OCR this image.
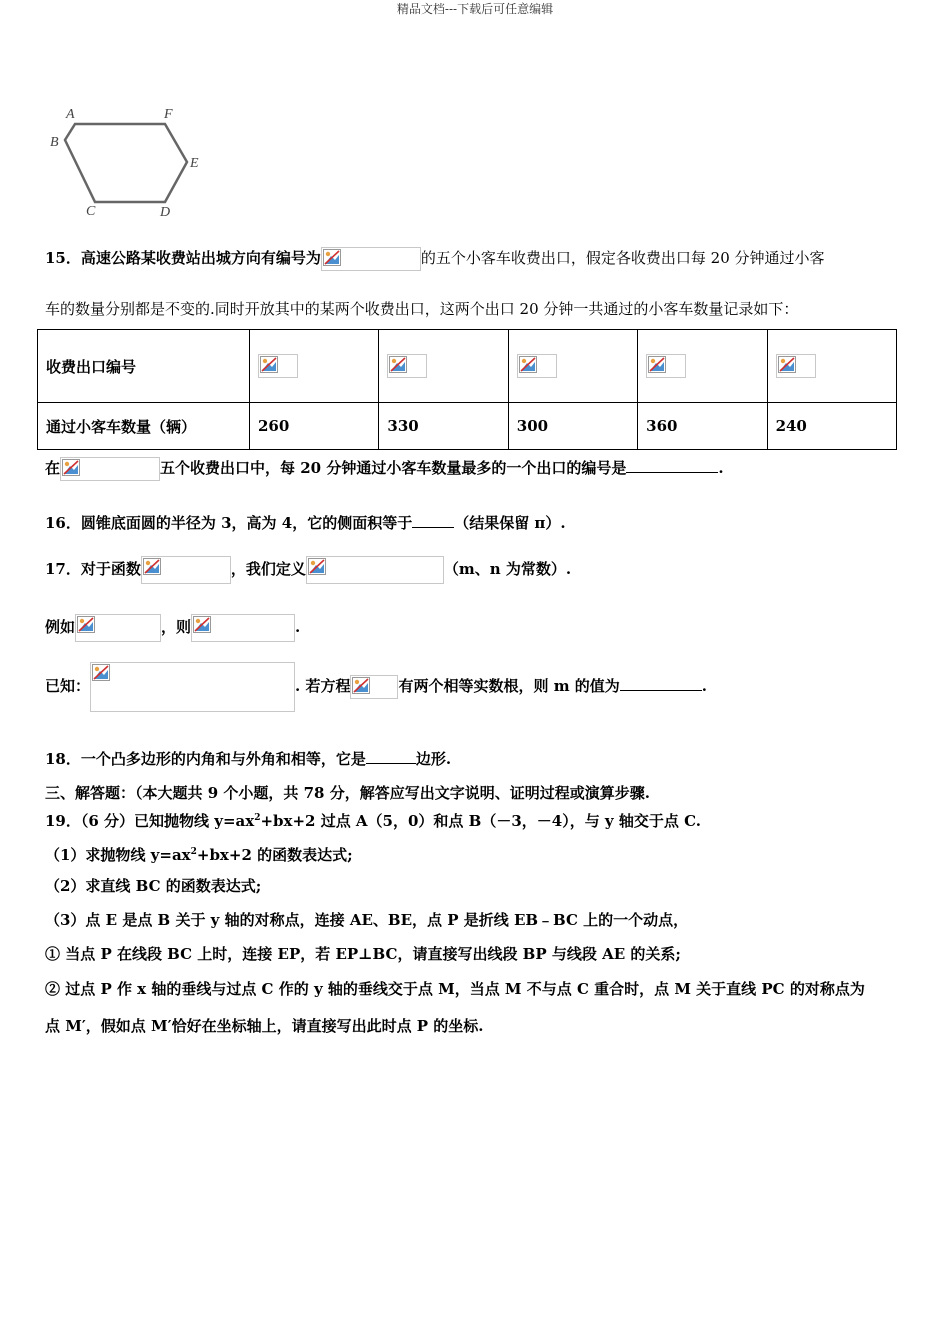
精品文档---下载后可任意编辑
A	F
E
D
C
B
15．高速公路某收费站出城方向有编号为	的五个小客车收费出口，假定各收费出口每 20 分钟通过小客
车的数量分别都是不变的.同时开放其中的某两个收费出口，这两个出口 20 分钟一共通过的小客车数量记录如下：
收费出口编号	

通过小客车数量（辆）	260	330	300	360	240
在	五个收费出口中，每 20 分钟通过小客车数量最多的一个出口的编号是	.
16．圆锥底面圆的半径为 3，高为 4，它的侧面积等于	（结果保留 π）.
17．对于函数	，我们定义	（m、n 为常数）.
例如	，则	.
已知：	. 若方程	有两个相等实数根，则 m 的值为	.
18．一个凸多边形的内角和与外角和相等，它是	边形.
三、解答题：（本大题共 9 个小题，共 78 分，解答应写出文字说明、证明过程或演算步骤.
19．（6 分）已知抛物线 $y=ax^2+bx+2$ 过点 A（5，0）和点 B（－3，－4），与 y 轴交于点 C.
（1）求抛物线 $y=ax^2+bx+2$ 的函数表达式;
（2）求直线 BC 的函数表达式;
（3）点 E 是点 B 关于 y 轴的对称点，连接 AE、BE，点 P 是折线 EB﹣BC 上的一个动点，
① 当点 P 在线段 BC 上时，连接 EP，若 EP⊥BC，请直接写出线段 BP 与线段 AE 的关系;
② 过点 P 作 x 轴的垂线与过点 C 作的 y 轴的垂线交于点 M，当点 M 不与点 C 重合时，点 M 关于直线 PC 的对称点为
点 M′，假如点 M′恰好在坐标轴上，请直接写出此时点 P 的坐标.
